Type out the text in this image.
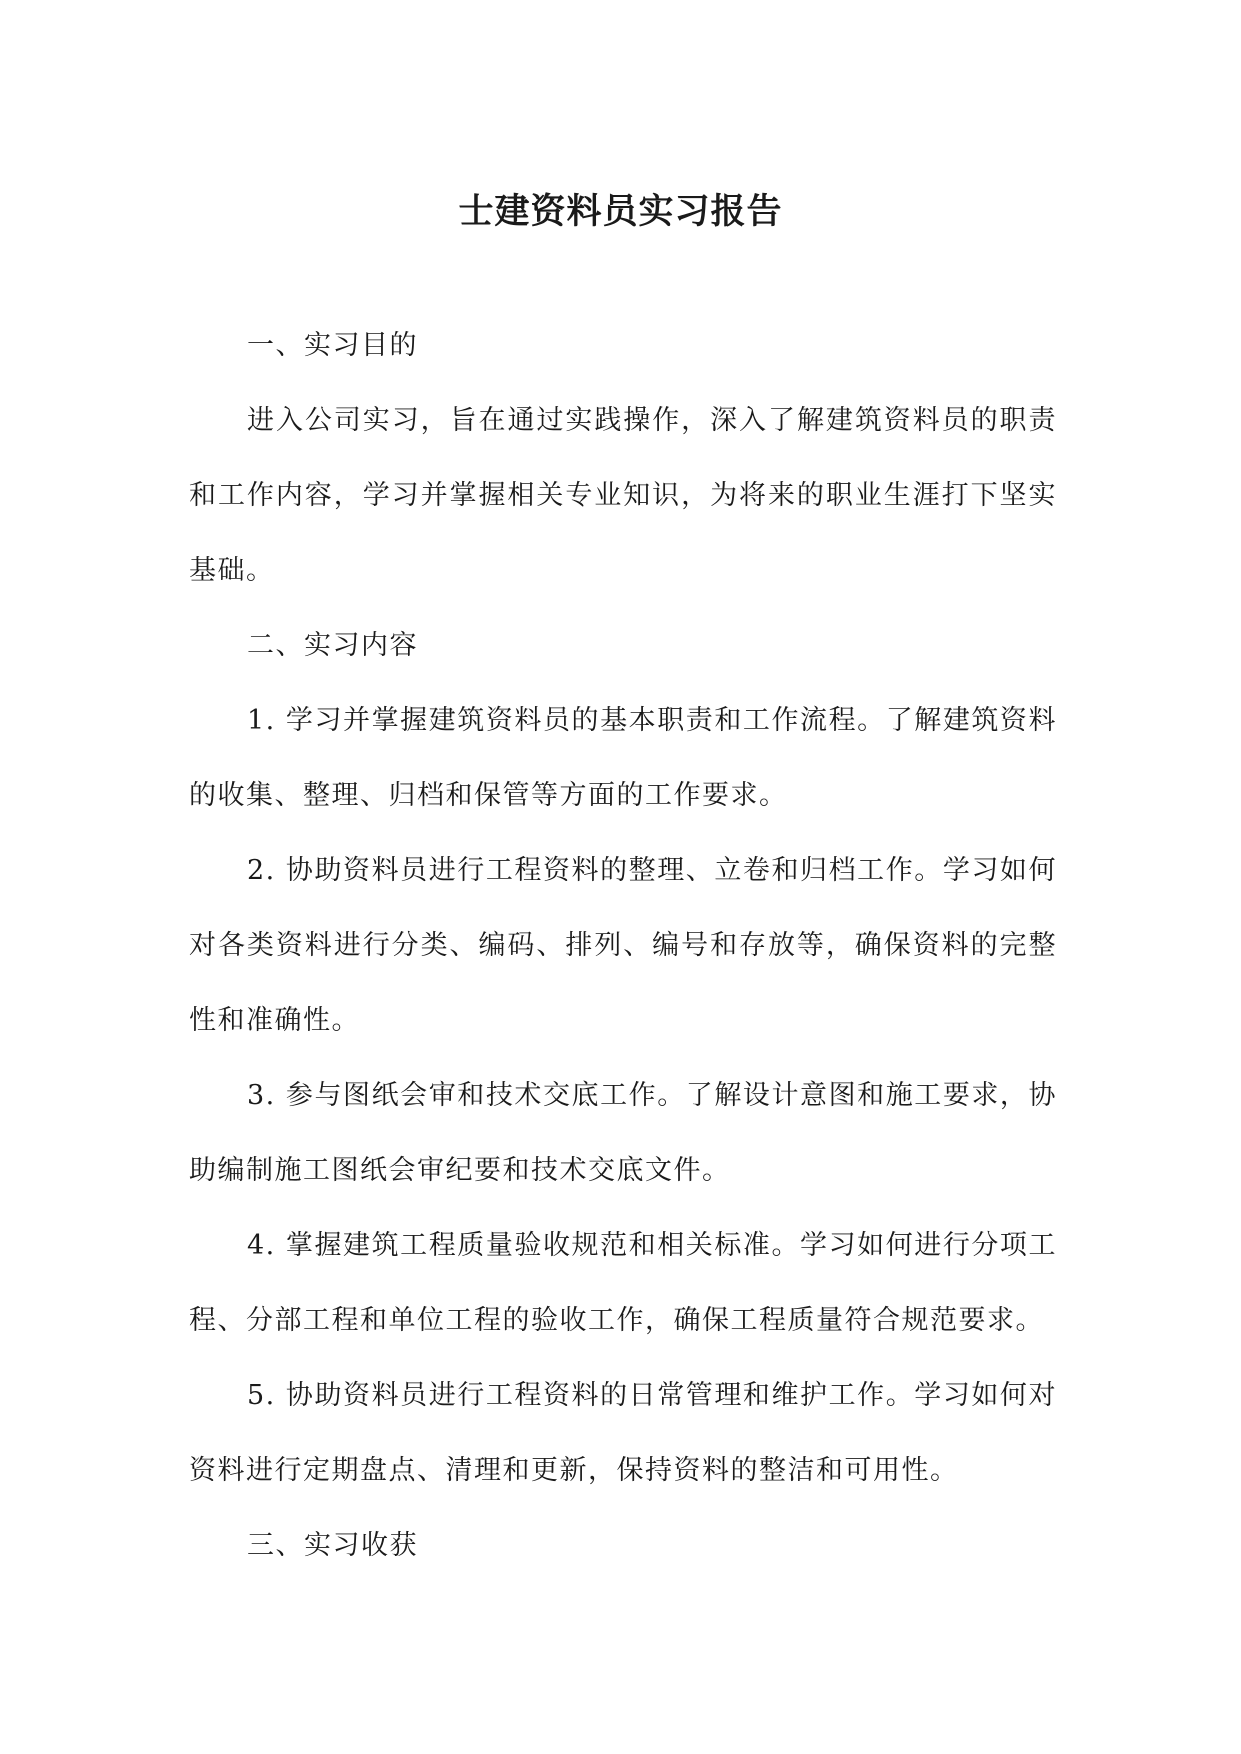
士建资料员实习报告

一、实习目的

进入公司实习，旨在通过实践操作，深入了解建筑资料员的职责和工作内容，学习并掌握相关专业知识，为将来的职业生涯打下坚实基础。

二、实习内容

1. 学习并掌握建筑资料员的基本职责和工作流程。了解建筑资料的收集、整理、归档和保管等方面的工作要求。

2. 协助资料员进行工程资料的整理、立卷和归档工作。学习如何对各类资料进行分类、编码、排列、编号和存放等，确保资料的完整性和准确性。

3. 参与图纸会审和技术交底工作。了解设计意图和施工要求，协助编制施工图纸会审纪要和技术交底文件。

4. 掌握建筑工程质量验收规范和相关标准。学习如何进行分项工程、分部工程和单位工程的验收工作，确保工程质量符合规范要求。

5. 协助资料员进行工程资料的日常管理和维护工作。学习如何对资料进行定期盘点、清理和更新，保持资料的整洁和可用性。

三、实习收获
